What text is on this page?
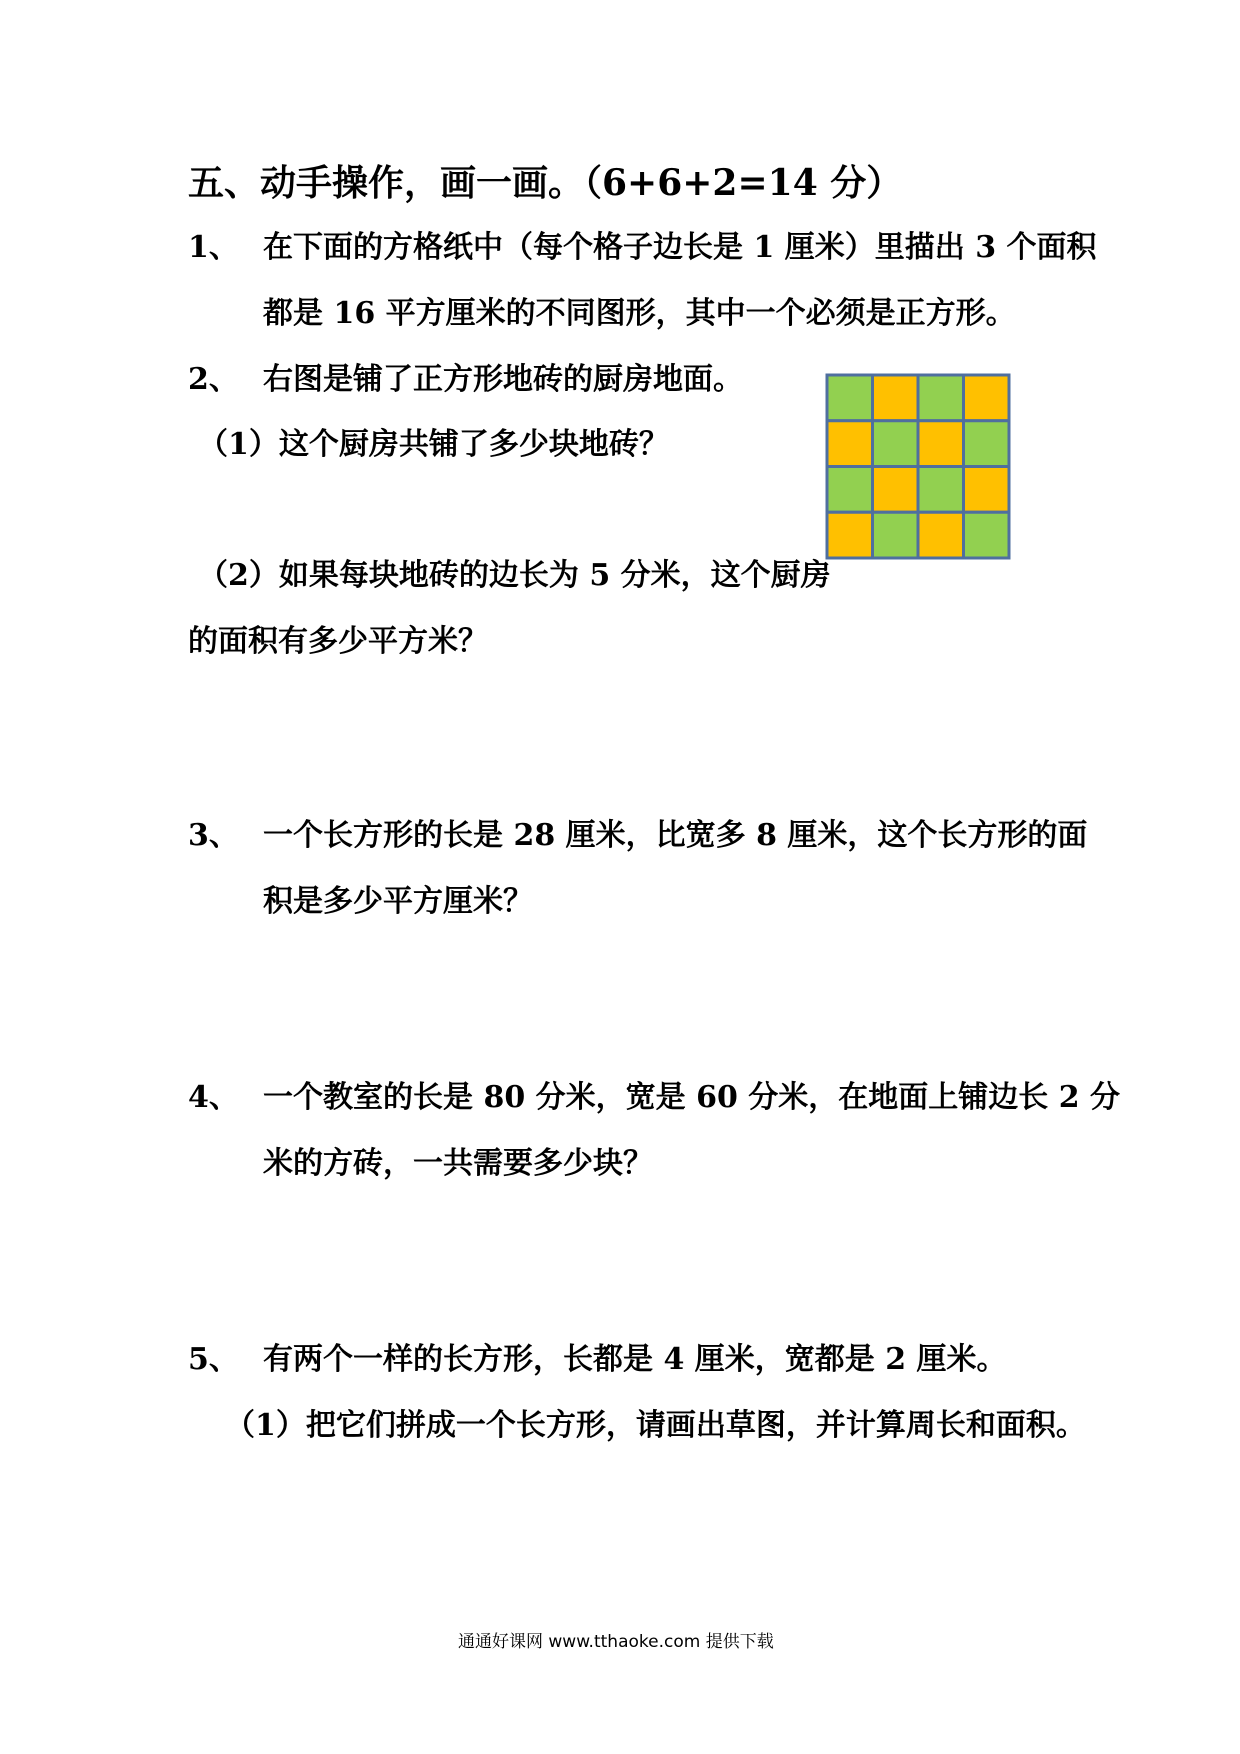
五、动手操作，画一画。（6+6+2=14 分）
1、 在下面的方格纸中（每个格子边长是 1 厘米）里描出 3 个面积
都是 16 平方厘米的不同图形，其中一个必须是正方形。
2、 右图是铺了正方形地砖的厨房地面。
（1）这个厨房共铺了多少块地砖？
（2）如果每块地砖的边长为 5 分米，这个厨房
的面积有多少平方米？
3、 一个长方形的长是 28 厘米，比宽多 8 厘米，这个长方形的面
积是多少平方厘米？
4、 一个教室的长是 80 分米，宽是 60 分米，在地面上铺边长 2 分
米的方砖，一共需要多少块？
5、 有两个一样的长方形，长都是 4 厘米，宽都是 2 厘米。
（1）把它们拼成一个长方形，请画出草图，并计算周长和面积。
通通好课网 www.tthaoke.com 提供下载
